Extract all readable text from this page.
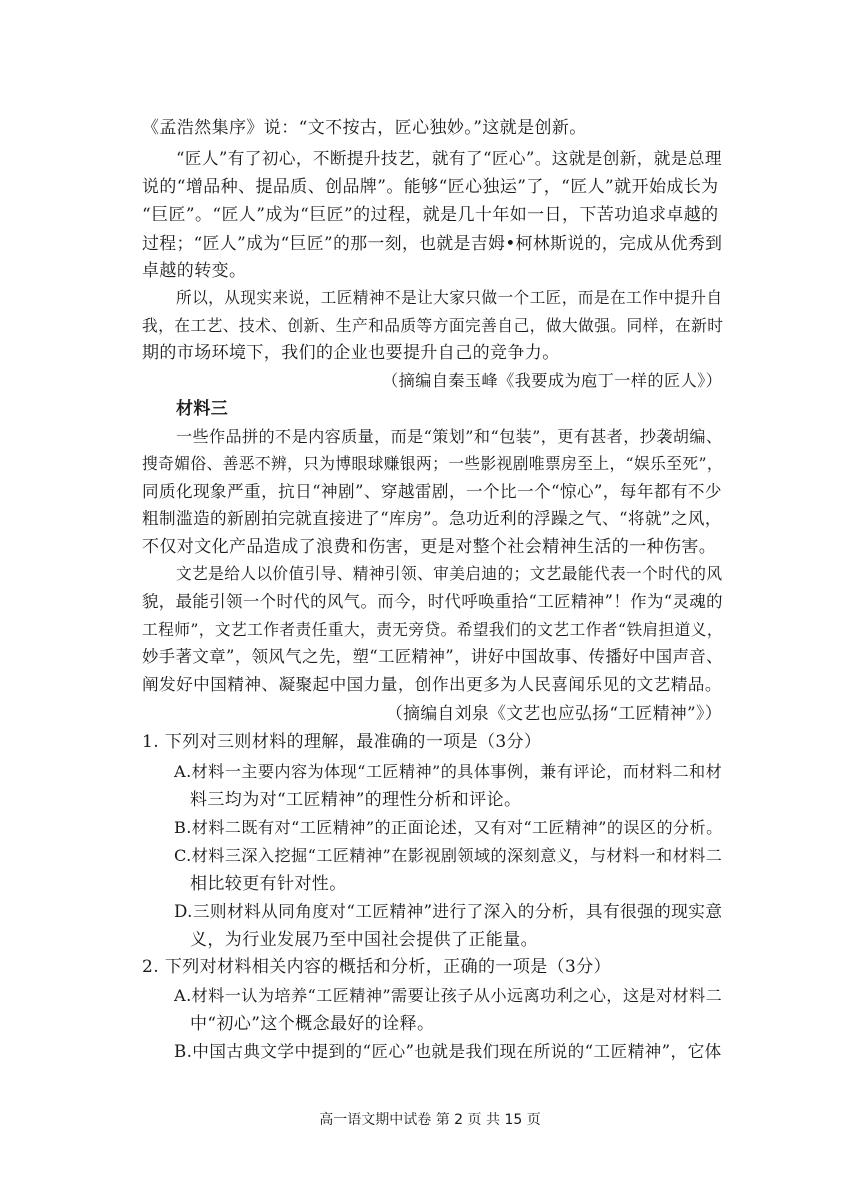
《孟浩然集序》说：“文不按古，匠心独妙。”这就是创新。
“匠人”有了初心，不断提升技艺，就有了“匠心”。这就是创新，就是总理
说的“增品种、提品质、创品牌”。能够“匠心独运”了，“匠人”就开始成长为
“巨匠”。“匠人”成为“巨匠”的过程，就是几十年如一日，下苦功追求卓越的
过程；“匠人”成为“巨匠”的那一刻，也就是吉姆•柯林斯说的，完成从优秀到
卓越的转变。
所以，从现实来说，工匠精神不是让大家只做一个工匠，而是在工作中提升自
我，在工艺、技术、创新、生产和品质等方面完善自己，做大做强。同样，在新时
期的市场环境下，我们的企业也要提升自己的竞争力。
（摘编自秦玉峰《我要成为庖丁一样的匠人》）
材料三
一些作品拼的不是内容质量，而是“策划”和“包装”，更有甚者，抄袭胡编、
搜奇媚俗、善恶不辨，只为博眼球赚银两；一些影视剧唯票房至上，“娱乐至死”，
同质化现象严重，抗日“神剧”、穿越雷剧，一个比一个“惊心”，每年都有不少
粗制滥造的新剧拍完就直接进了“库房”。急功近利的浮躁之气、“将就”之风，
不仅对文化产品造成了浪费和伤害，更是对整个社会精神生活的一种伤害。
文艺是给人以价值引导、精神引领、审美启迪的；文艺最能代表一个时代的风
貌，最能引领一个时代的风气。而今，时代呼唤重拾“工匠精神”！作为“灵魂的
工程师”，文艺工作者责任重大，责无旁贷。希望我们的文艺工作者“铁肩担道义，
妙手著文章”，领风气之先，塑“工匠精神”，讲好中国故事、传播好中国声音、
阐发好中国精神、凝聚起中国力量，创作出更多为人民喜闻乐见的文艺精品。
（摘编自刘泉《文艺也应弘扬“工匠精神”》）
1. 下列对三则材料的理解，最准确的一项是（3分）
A.材料一主要内容为体现“工匠精神”的具体事例，兼有评论，而材料二和材
料三均为对“工匠精神”的理性分析和评论。
B.材料二既有对“工匠精神”的正面论述，又有对“工匠精神”的误区的分析。
C.材料三深入挖掘“工匠精神”在影视剧领域的深刻意义，与材料一和材料二
相比较更有针对性。
D.三则材料从同角度对“工匠精神”进行了深入的分析，具有很强的现实意
义，为行业发展乃至中国社会提供了正能量。
2. 下列对材料相关内容的概括和分析，正确的一项是（3分）
A.材料一认为培养“工匠精神”需要让孩子从小远离功利之心，这是对材料二
中“初心”这个概念最好的诠释。
B.中国古典文学中提到的“匠心”也就是我们现在所说的“工匠精神”，它体
高一语文期中试卷 第 2 页 共 15 页
